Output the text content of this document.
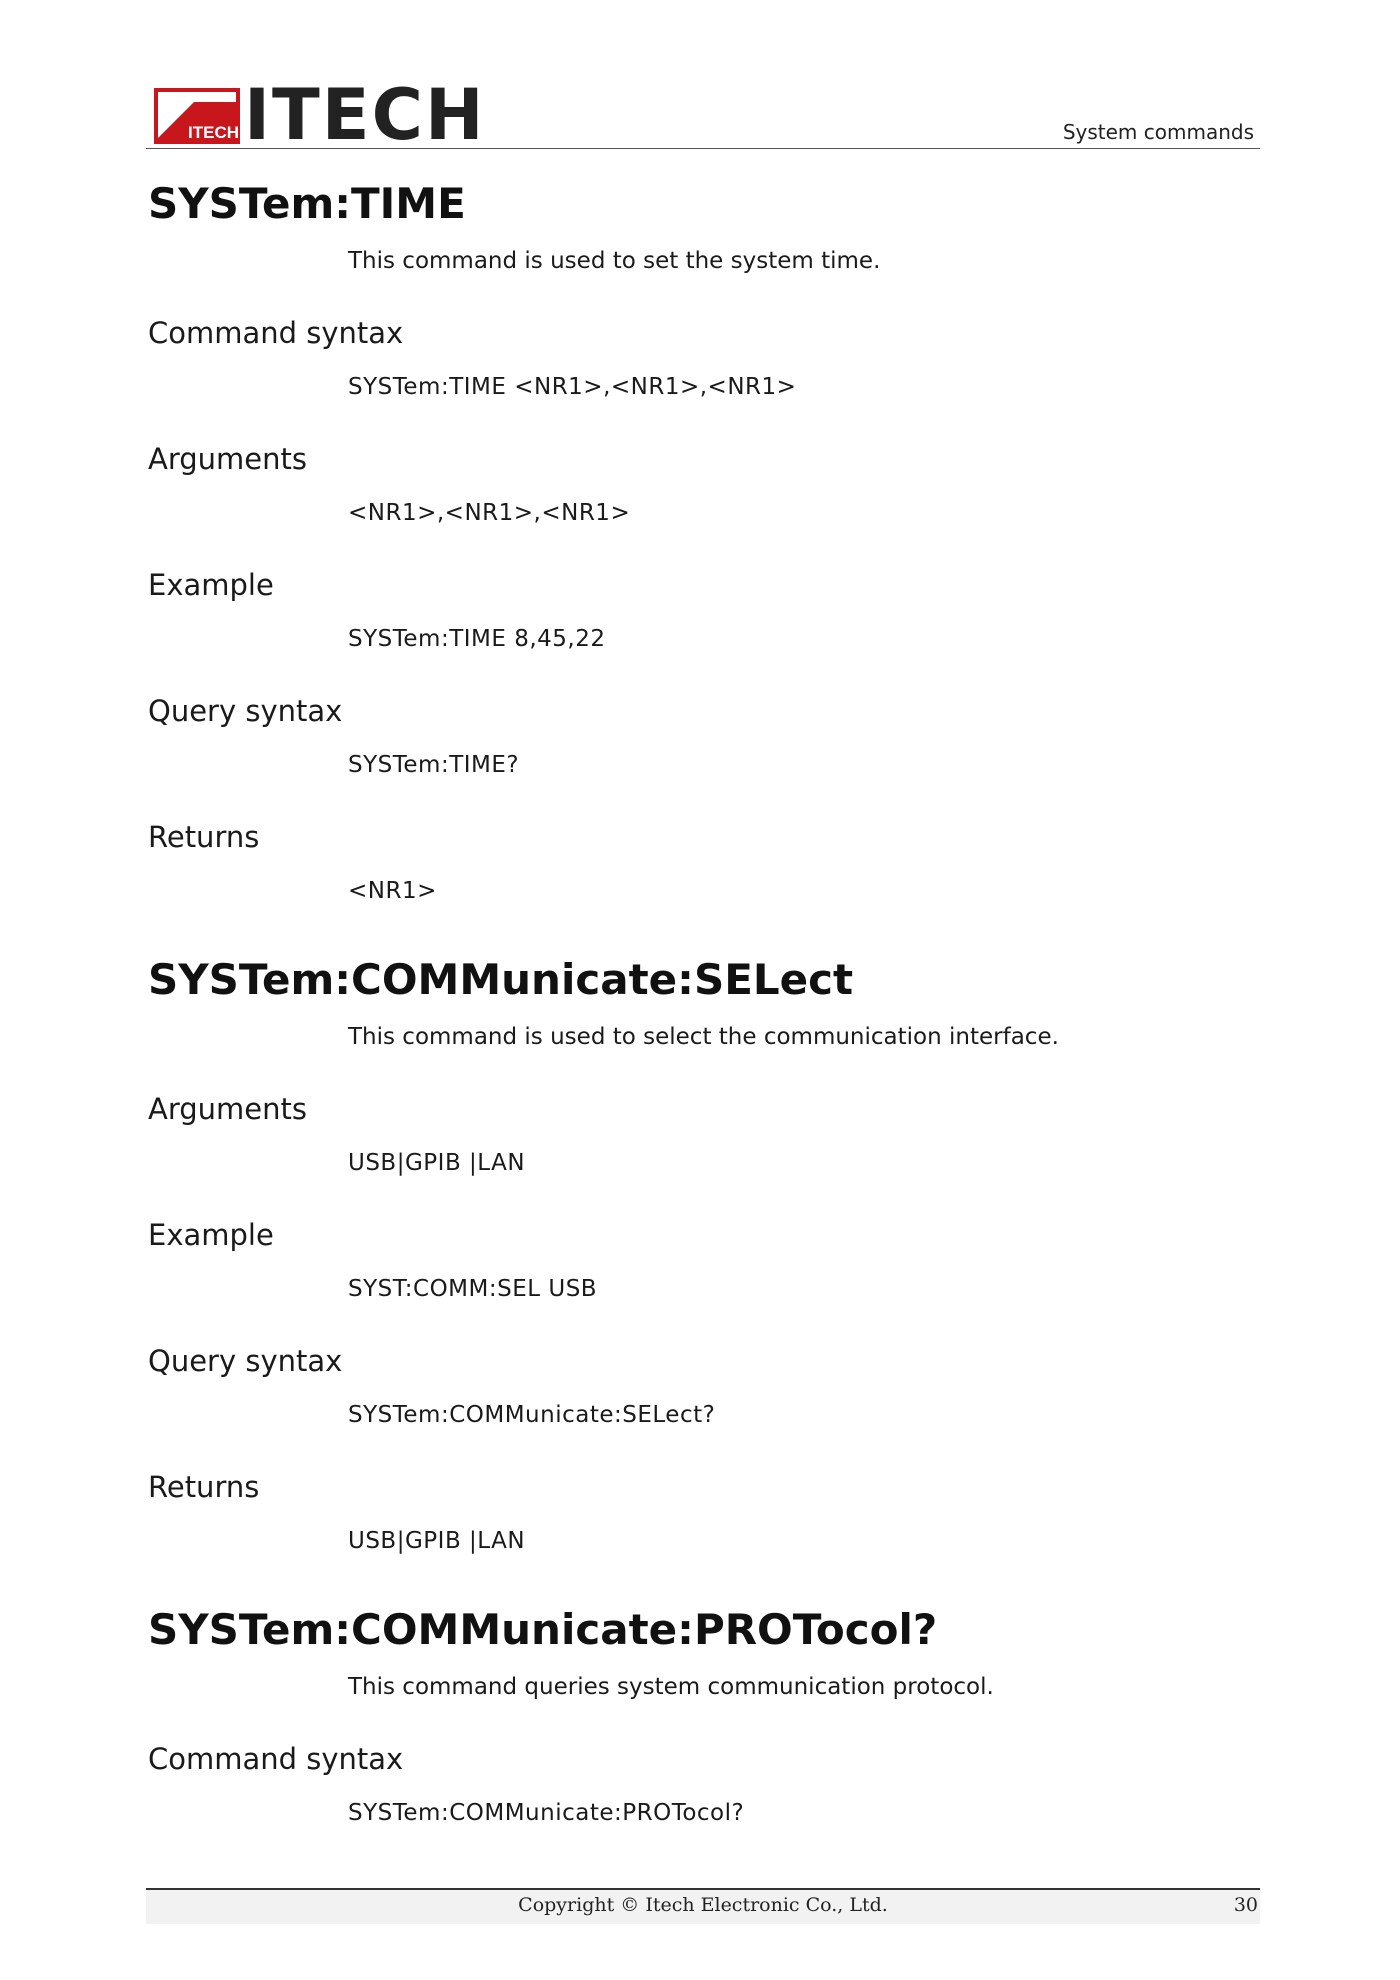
ITECH ITECH	System commands
SYSTem:TIME
This command is used to set the system time.
Command syntax
SYSTem:TIME <NR1>,<NR1>,<NR1>
Arguments
<NR1>,<NR1>,<NR1>
Example
SYSTem:TIME 8,45,22
Query syntax
SYSTem:TIME?
Returns
<NR1>
SYSTem:COMMunicate:SELect
This command is used to select the communication interface.
Arguments
USB|GPIB |LAN
Example
SYST:COMM:SEL USB
Query syntax
SYSTem:COMMunicate:SELect?
Returns
USB|GPIB |LAN
SYSTem:COMMunicate:PROTocol?
This command queries system communication protocol.
Command syntax
SYSTem:COMMunicate:PROTocol?
Copyright © Itech Electronic Co., Ltd.	30
